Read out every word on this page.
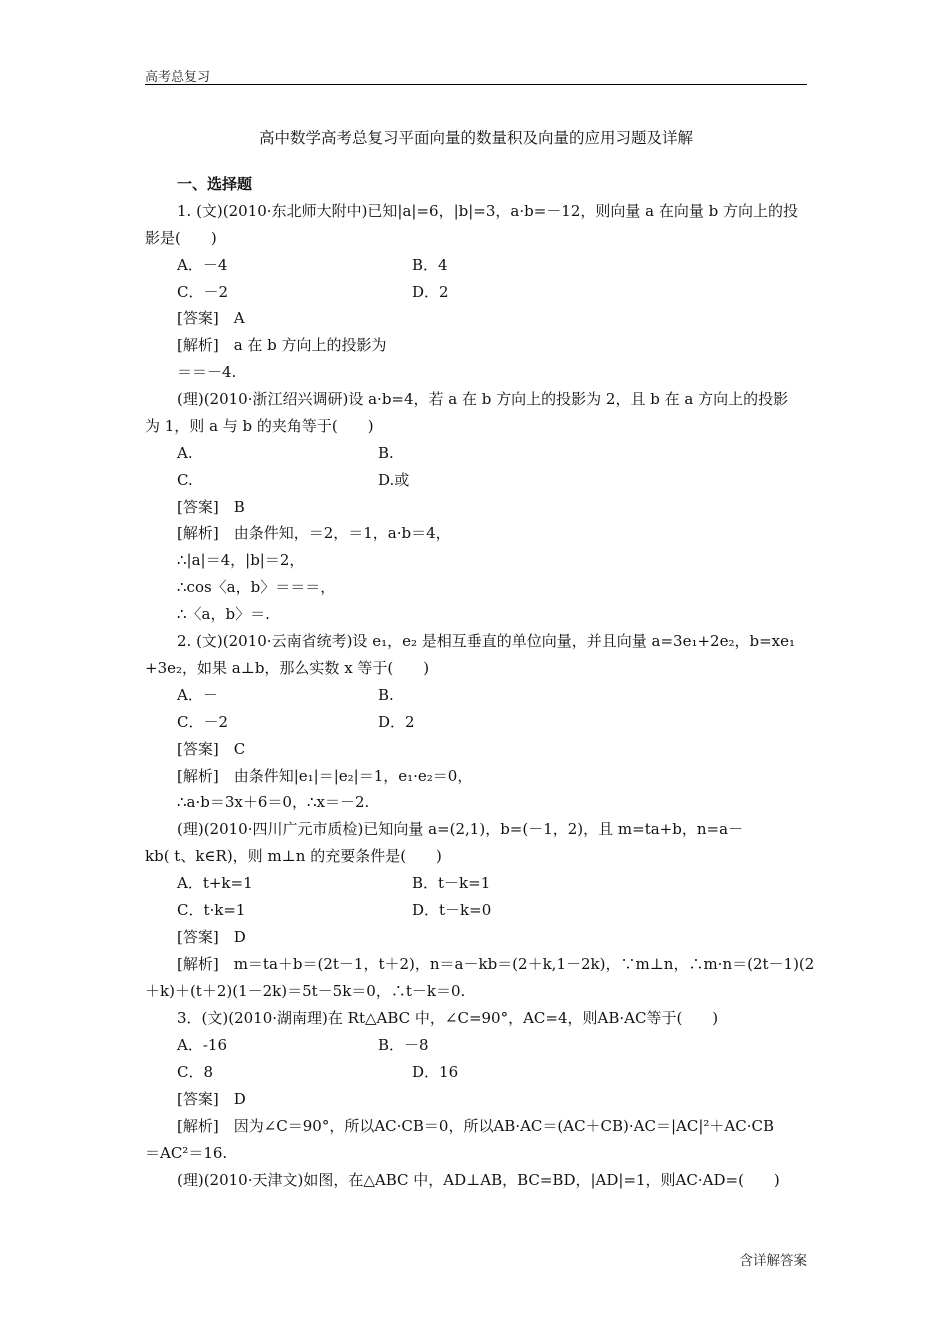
高考总复习
高中数学高考总复习平面向量的数量积及向量的应用习题及详解
一、选择题
1. (文)(2010·东北师大附中)已知|a|=6，|b|=3，a·b=－12，则向量 a 在向量 b 方向上的投
影是(　　)
A．－4	B．4
C．－2	D．2
[答案]　A
[解析]　a 在 b 方向上的投影为
＝＝－4.
(理)(2010·浙江绍兴调研)设 a·b=4，若 a 在 b 方向上的投影为 2，且 b 在 a 方向上的投影
为 1，则 a 与 b 的夹角等于(　　)
A.	B.
C.	D.或
[答案]　B
[解析]　由条件知，＝2，＝1，a·b＝4，
∴|a|＝4，|b|＝2，
∴cos〈a，b〉＝＝＝，
∴〈a，b〉＝.
2. (文)(2010·云南省统考)设 e₁，e₂ 是相互垂直的单位向量，并且向量 a=3e₁+2e₂，b=xe₁
+3e₂，如果 a⊥b，那么实数 x 等于(　　)
A．－	B.
C．－2	D．2
[答案]　C
[解析]　由条件知|e₁|＝|e₂|＝1，e₁·e₂＝0，
∴a·b＝3x＋6＝0，∴x＝－2.
(理)(2010·四川广元市质检)已知向量 a=(2,1)，b=(－1，2)，且 m=ta+b，n=a－
kb( t、k∈R)，则 m⊥n 的充要条件是(　　)
A．t+k=1	B．t－k=1
C．t·k=1	D．t－k=0
[答案]　D
[解析]　m＝ta＋b＝(2t－1，t＋2)，n＝a－kb＝(2＋k,1－2k)，∵m⊥n，∴m·n＝(2t－1)(2
＋k)＋(t＋2)(1－2k)＝5t－5k＝0，∴t－k＝0.
3．(文)(2010·湖南理)在 Rt△ABC 中，∠C=90°，AC=4，则AB·AC等于(　　)
A．-16	B．－8
C．8	D．16
[答案]　D
[解析]　因为∠C＝90°，所以AC·CB＝0，所以AB·AC＝(AC＋CB)·AC＝|AC|²＋AC·CB
＝AC²＝16.
(理)(2010·天津文)如图，在△ABC 中，AD⊥AB，BC=BD，|AD|=1，则AC·AD=(　　)
含详解答案
